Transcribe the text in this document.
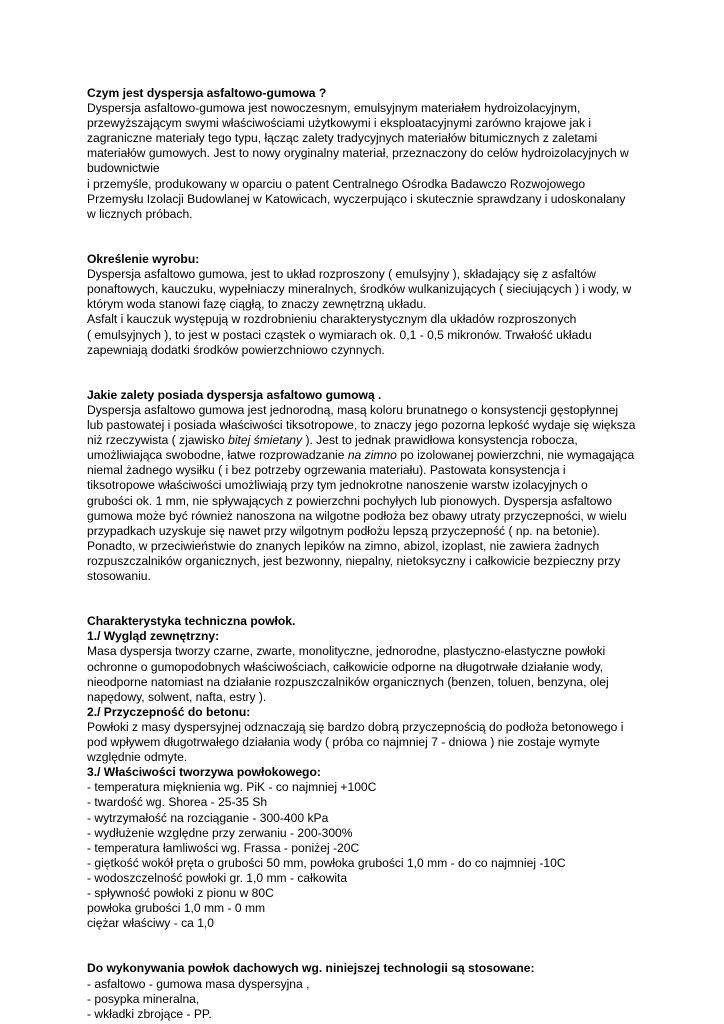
Czym jest dyspersja asfaltowo-gumowa ?
Dyspersja asfaltowo-gumowa jest nowoczesnym, emulsyjnym materiałem hydroizolacyjnym,
przewyższającym swymi właściwościami użytkowymi i eksploatacyjnymi zarówno krajowe jak i
zagraniczne materiały tego typu, łącząc zalety tradycyjnych materiałów bitumicznych z zaletami
materiałów gumowych. Jest to nowy oryginalny materiał, przeznaczony do celów hydroizolacyjnych w
budownictwie
i przemyśle, produkowany w oparciu o patent Centralnego Ośrodka Badawczo Rozwojowego
Przemysłu Izolacji Budowlanej w Katowicach, wyczerpująco i skutecznie sprawdzany i udoskonalany
w licznych próbach.
Określenie wyrobu:
Dyspersja asfaltowo gumowa, jest to układ rozproszony ( emulsyjny ), składający się z asfaltów
ponaftowych, kauczuku, wypełniaczy mineralnych, środków wulkanizujących ( sieciujących ) i wody, w
którym woda stanowi fazę ciągłą, to znaczy zewnętrzną układu.
Asfalt i kauczuk występują w rozdrobnieniu charakterystycznym dla układów rozproszonych
( emulsyjnych ), to jest w postaci cząstek o wymiarach ok. 0,1 - 0,5 mikronów. Trwałość układu
zapewniają dodatki środków powierzchniowo czynnych.
Jakie zalety posiada dyspersja asfaltowo gumową .
Dyspersja asfaltowo gumowa jest jednorodną, masą koloru brunatnego o konsystencji gęstopłynnej
lub pastowatej i posiada właściwości tiksotropowe, to znaczy jego pozorna lepkość wydaje się większa
niż rzeczywista ( zjawisko bitej śmietany ). Jest to jednak prawidłowa konsystencja robocza,
umożliwiająca swobodne, łatwe rozprowadzanie na zimno po izolowanej powierzchni, nie wymagająca
niemal żadnego wysiłku ( i bez potrzeby ogrzewania materiału). Pastowata konsystencja i
tiksotropowe właściwości umożliwiają przy tym jednokrotne nanoszenie warstw izolacyjnych o
grubości ok. 1 mm, nie spływających z powierzchni pochyłych lub pionowych. Dyspersja asfaltowo
gumowa może być również nanoszona na wilgotne podłoża bez obawy utraty przyczepności, w wielu
przypadkach uzyskuje się nawet przy wilgotnym podłożu lepszą przyczepność ( np. na betonie).
Ponadto, w przeciwieństwie do znanych lepików na zimno, abizol, izoplast, nie zawiera żadnych
rozpuszczalników organicznych, jest bezwonny, niepalny, nietoksyczny i całkowicie bezpieczny przy
stosowaniu.
Charakterystyka techniczna powłok.
1./ Wygląd zewnętrzny:
Masa dyspersja tworzy czarne, zwarte, monolityczne, jednorodne, plastyczno-elastyczne powłoki
ochronne o gumopodobnych właściwościach, całkowicie odporne na długotrwałe działanie wody,
nieodporne natomiast na działanie rozpuszczalników organicznych (benzen, toluen, benzyna, olej
napędowy, solwent, nafta, estry ).
2./ Przyczepność do betonu:
Powłoki z masy dyspersyjnej odznaczają się bardzo dobrą przyczepnością do podłoża betonowego i
pod wpływem długotrwałego działania wody ( próba co najmniej 7 - dniowa ) nie zostaje wymyte
względnie odmyte.
3./ Właściwości tworzywa powłokowego:
- temperatura mięknienia wg. PiK - co najmniej +100C
- twardość wg. Shorea - 25-35 Sh
- wytrzymałość na rozciąganie - 300-400 kPa
- wydłużenie względne przy zerwaniu - 200-300%
- temperatura łamliwości wg. Frassa - poniżej -20C
- giętkość wokół pręta o grubości 50 mm, powłoka grubości 1,0 mm - do co najmniej -10C
- wodoszczelność powłoki gr. 1,0 mm - całkowita
- spływność powłoki z pionu w 80C
powłoka grubości 1,0 mm - 0 mm
ciężar właściwy - ca 1,0
Do wykonywania powłok dachowych wg. niniejszej technologii są stosowane:
- asfaltowo - gumowa masa dyspersyjna ,
- posypka mineralna,
- wkładki zbrojące - PP.
